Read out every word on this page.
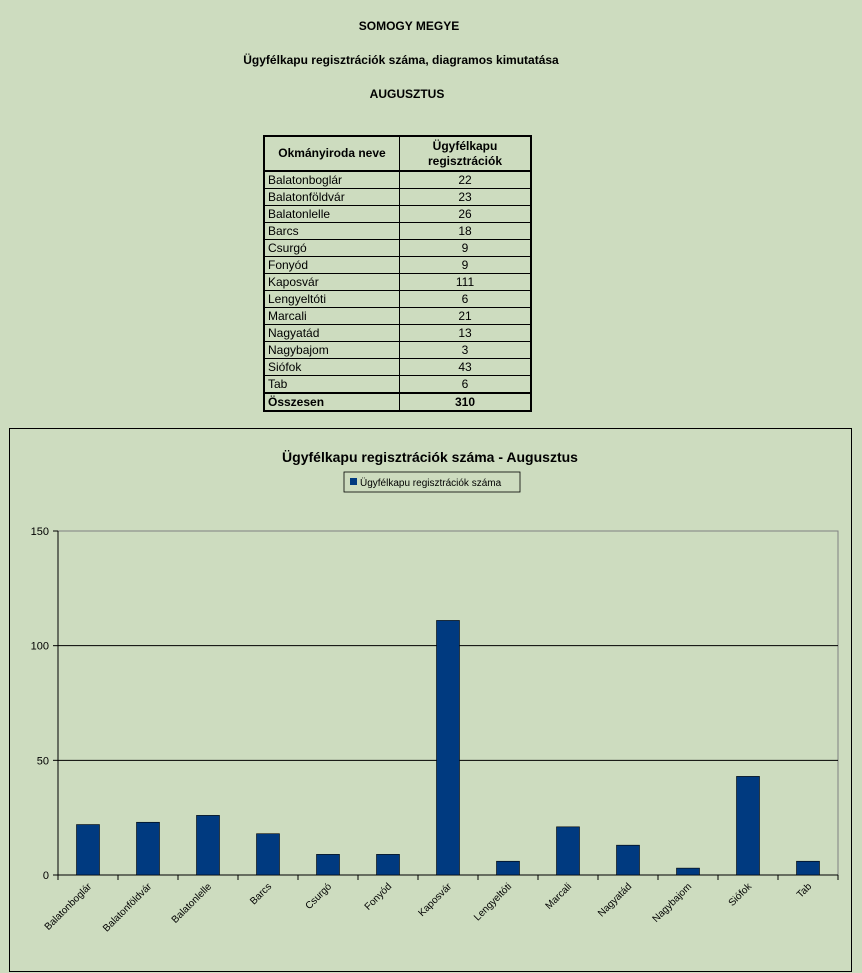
SOMOGY MEGYE
Ügyfélkapu regisztrációk száma, diagramos kimutatása
AUGUSZTUS
Okmányiroda neve	Ügyfélkapu
regisztrációk
Balatonboglár	22
Balatonföldvár	23
Balatonlelle	26
Barcs	18
Csurgó	9
Fonyód	9
Kaposvár	111
Lengyeltóti	6
Marcali	21
Nagyatád	13
Nagybajom	3
Siófok	43
Tab	6
Összesen	310
Ügyfélkapu regisztrációk száma - Augusztus
Ügyfélkapu regisztrációk száma
0
50
100
150
Balatonboglár Balatonföldvár Balatonlelle	Barcs	Csurgó	Fonyód Kaposvár Lengyeltóti	Marcali Nagyatád Nagybajom	Siófok	Tab
